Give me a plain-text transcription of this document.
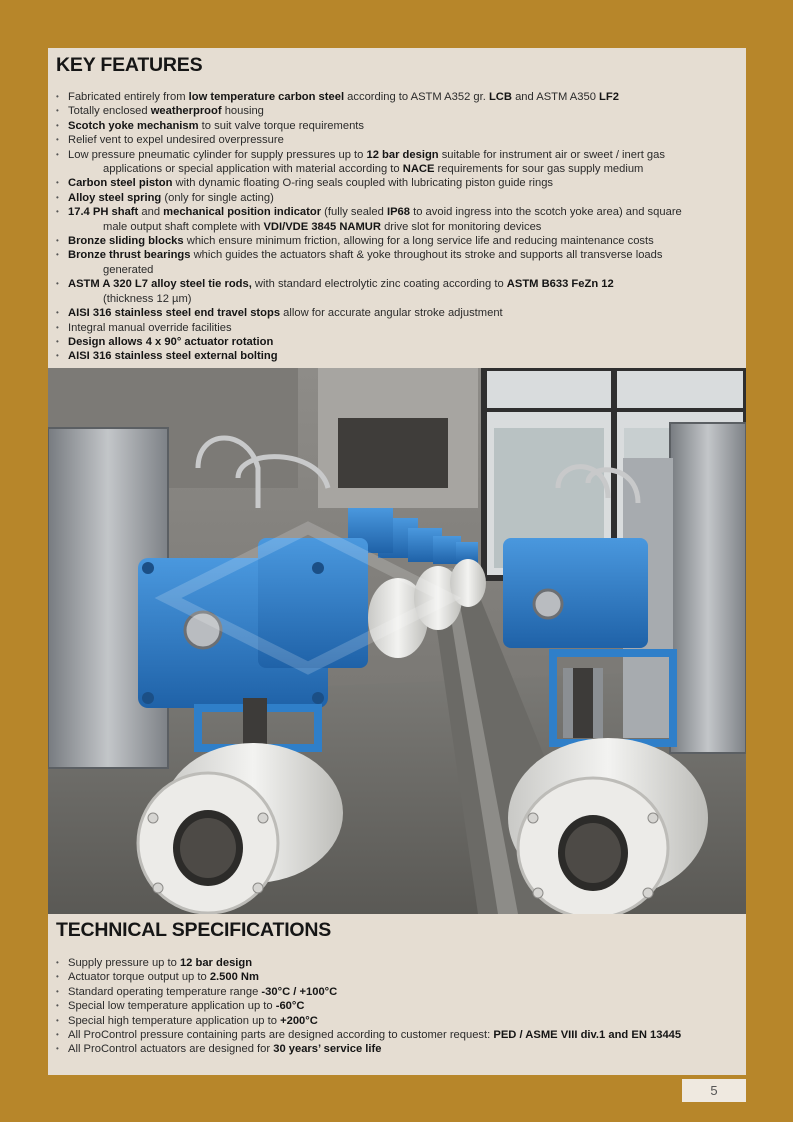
KEY FEATURES
• Fabricated entirely from low temperature carbon steel according to ASTM A352 gr. LCB and ASTM A350 LF2
• Totally enclosed weatherproof housing
• Scotch yoke mechanism to suit valve torque requirements
• Relief vent to expel undesired overpressure
• Low pressure pneumatic cylinder for supply pressures up to 12 bar design suitable for instrument air or sweet / inert gas
applications or special application with material according to NACE requirements for sour gas supply medium
• Carbon steel piston with dynamic floating O-ring seals coupled with lubricating piston guide rings
• Alloy steel spring (only for single acting)
• 17.4 PH shaft and mechanical position indicator (fully sealed IP68 to avoid ingress into the scotch yoke area) and square
male output shaft complete with VDI/VDE 3845 NAMUR drive slot for monitoring devices
• Bronze sliding blocks which ensure minimum friction, allowing for a long service life and reducing maintenance costs
• Bronze thrust bearings which guides the actuators shaft & yoke throughout its stroke and supports all transverse loads
generated
• ASTM A 320 L7 alloy steel tie rods, with standard electrolytic zinc coating according to ASTM B633 FeZn 12
(thickness 12 µm)
• AISI 316 stainless steel end travel stops allow for accurate angular stroke adjustment
• Integral manual override facilities
• Design allows 4 x 90° actuator rotation
• AISI 316 stainless steel external bolting
TECHNICAL SPECIFICATIONS
• Supply pressure up to 12 bar design
• Actuator torque output up to 2.500 Nm
• Standard operating temperature range -30°C / +100°C
• Special low temperature application up to -60°C
• Special high temperature application up to +200°C
• All ProControl pressure containing parts are designed according to customer request: PED / ASME VIII div.1 and EN 13445
• All ProControl actuators are designed for 30 years’ service life
5
